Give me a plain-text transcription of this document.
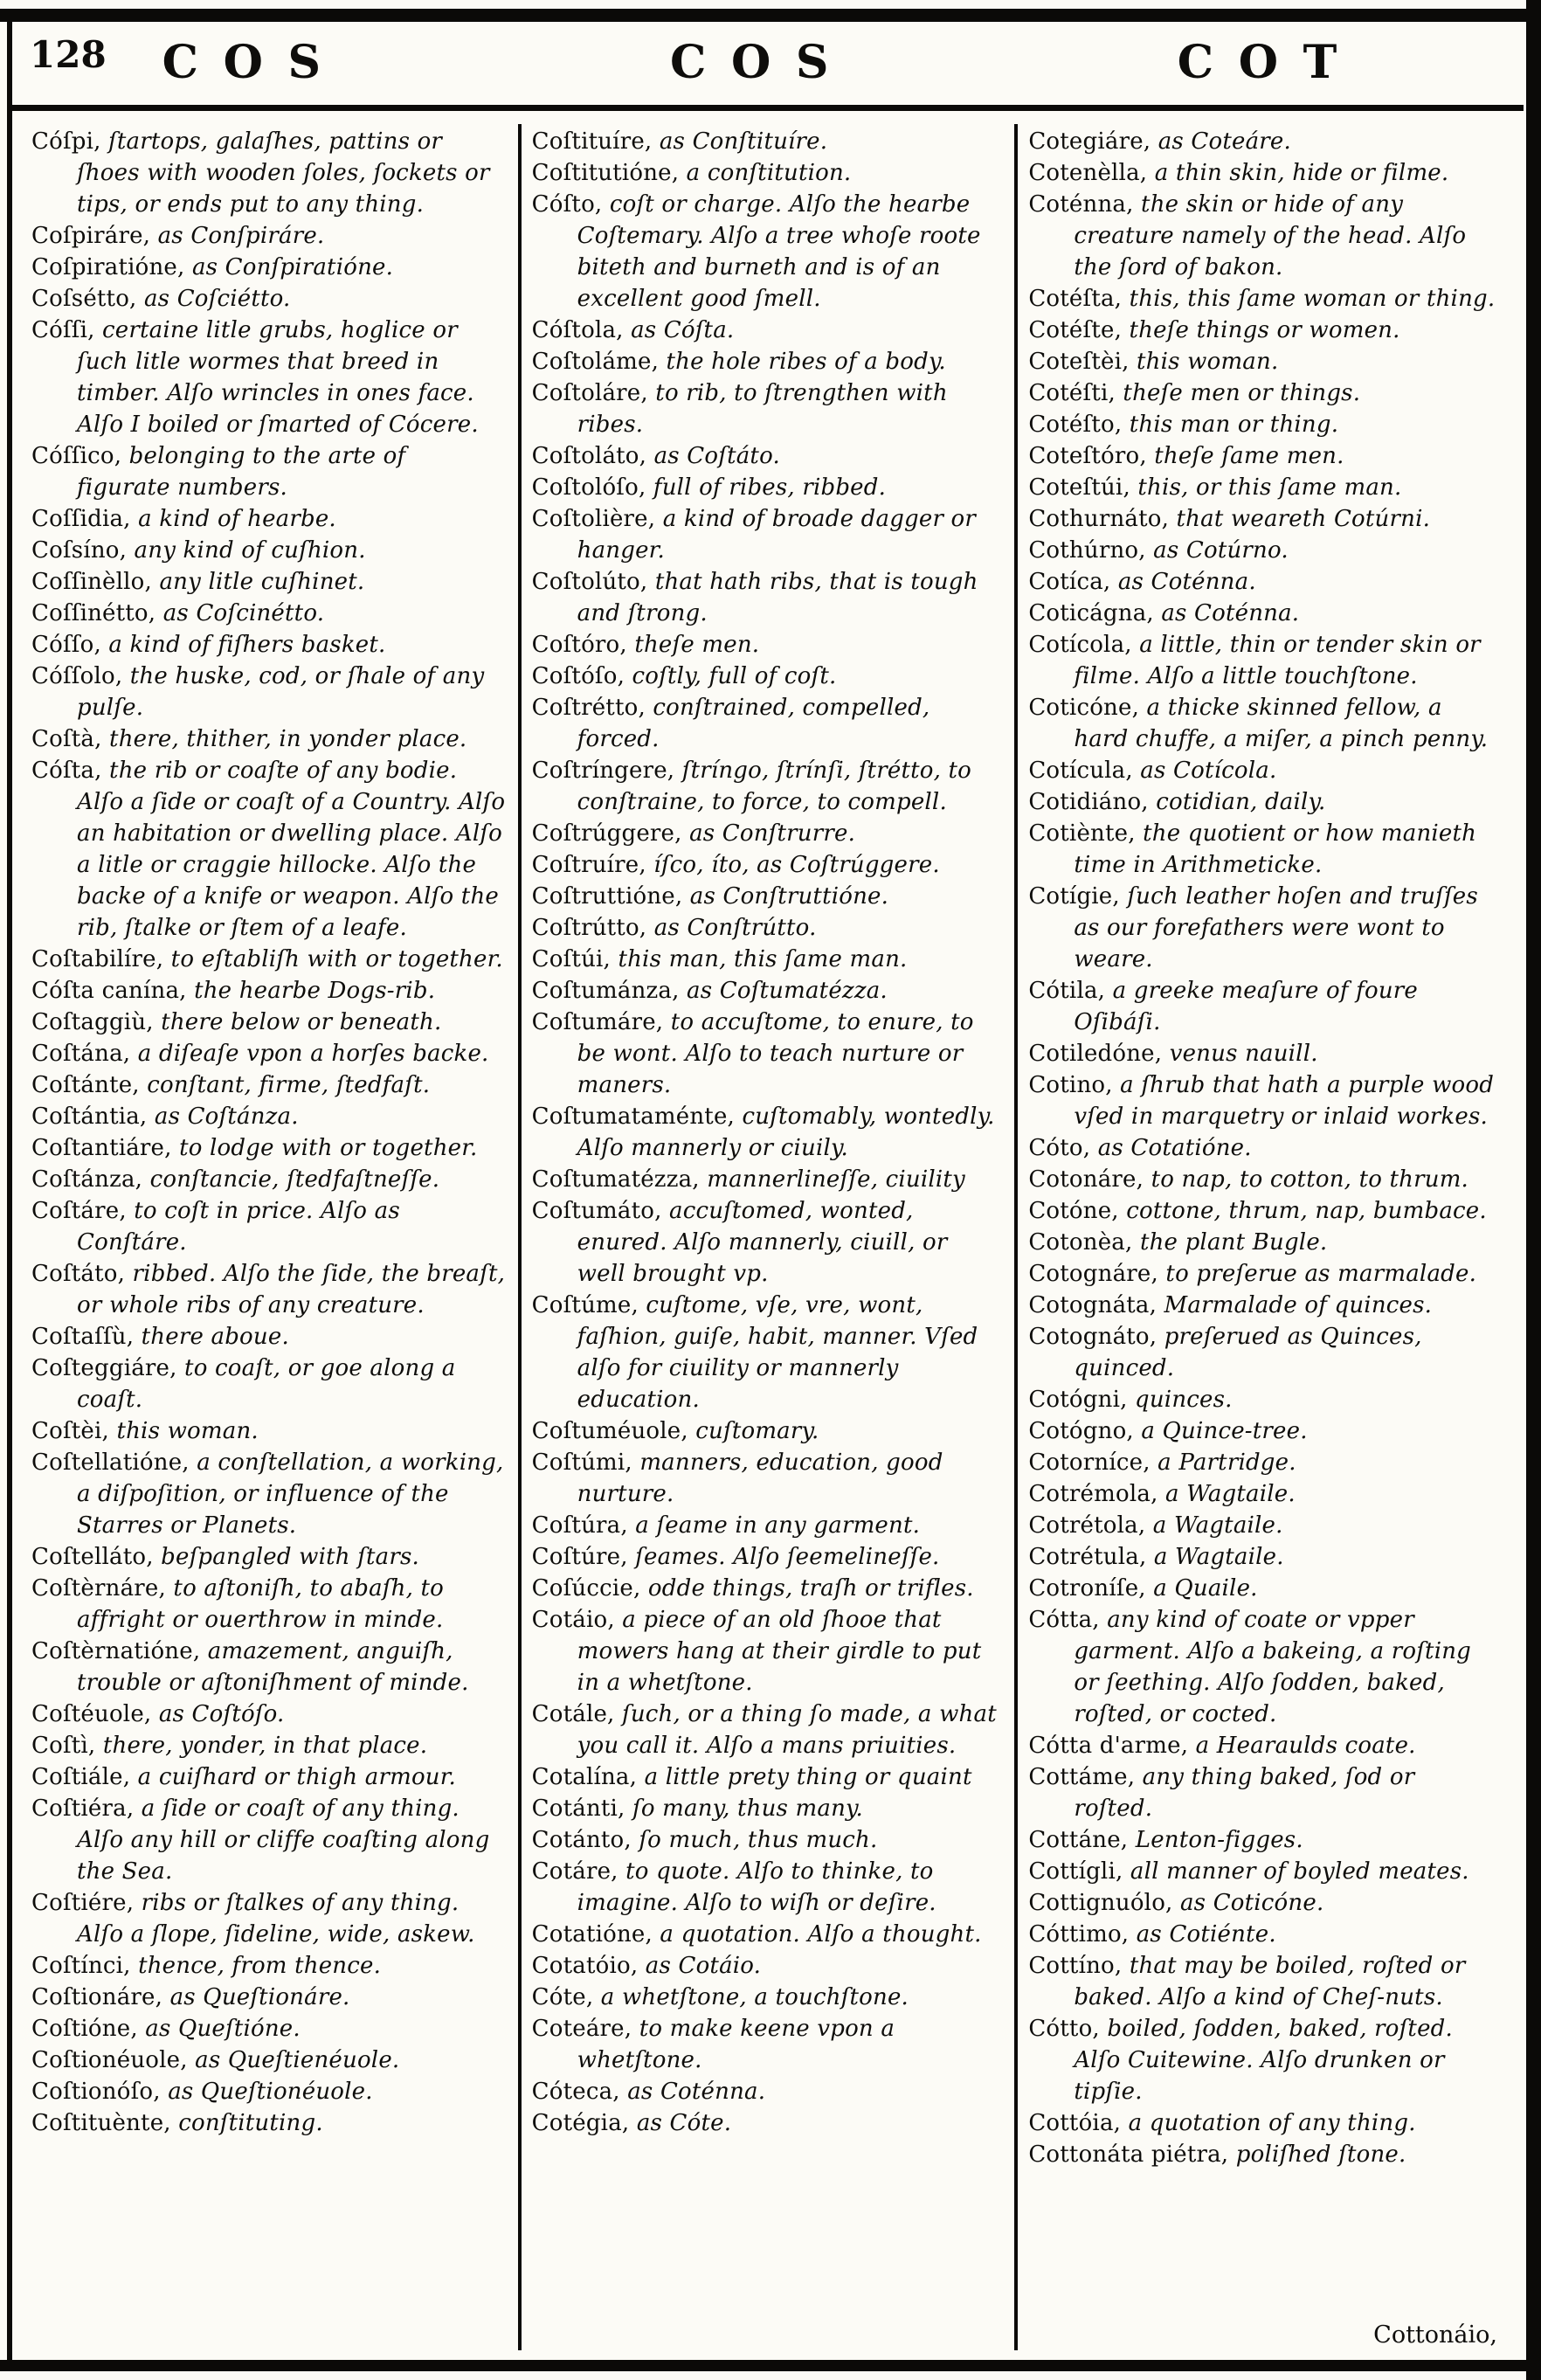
128	COS	COS	COT
Cóſpi, ſtartops, galaſhes, pattins or ſhoes with wooden ſoles, ſockets or tips, or ends put to any thing.
Coſpiráre, as Conſpiráre.
Coſpiratióne, as Conſpiratióne.
Coſsétto, as Coſciétto.
Cóſſi, certaine litle grubs, hoglice or ſuch litle wormes that breed in timber. Alſo wrincles in ones face. Alſo I boiled or ſmarted of Cócere.
Cóſſico, belonging to the arte of figurate numbers.
Coſſidia, a kind of hearbe.
Coſsíno, any kind of cuſhion.
Coſſinèllo, any litle cuſhinet.
Coſſinétto, as Coſcinétto.
Cóſſo, a kind of fiſhers basket.
Cóſſolo, the huske, cod, or ſhale of any pulſe.
Coſtà, there, thither, in yonder place.
Cóſta, the rib or coaſte of any bodie. Alſo a ſide or coaſt of a Country. Alſo an habitation or dwelling place. Alſo a litle or craggie hillocke. Alſo the backe of a knife or weapon. Alſo the rib, ſtalke or ſtem of a leafe.
Coſtabilíre, to eſtabliſh with or together.
Cóſta canína, the hearbe Dogs-rib.
Coſtaggiù, there below or beneath.
Coſtána, a diſeaſe vpon a horſes backe.
Coſtánte, conſtant, firme, ſtedfaſt.
Coſtántia, as Coſtánza.
Coſtantiáre, to lodge with or together.
Coſtánza, conſtancie, ſtedfaſtneſſe.
Coſtáre, to coſt in price. Alſo as Conſtáre.
Coſtáto, ribbed. Alſo the ſide, the breaſt, or whole ribs of any creature.
Coſtaſſù, there aboue.
Coſteggiáre, to coaſt, or goe along a coaſt.
Coſtèi, this woman.
Coſtellatióne, a conſtellation, a working, a diſpoſition, or influence of the Starres or Planets.
Coſtelláto, beſpangled with ſtars.
Coſtèrnáre, to aſtoniſh, to abaſh, to affright or ouerthrow in minde.
Coſtèrnatióne, amazement, anguiſh, trouble or aſtoniſhment of minde.
Coſtéuole, as Coſtóſo.
Coſtì, there, yonder, in that place.
Coſtiále, a cuiſhard or thigh armour.
Coſtiéra, a ſide or coaſt of any thing. Alſo any hill or cliffe coaſting along the Sea.
Coſtiére, ribs or ſtalkes of any thing. Alſo a ſlope, ſideline, wide, askew.
Coſtínci, thence, from thence.
Coſtionáre, as Queſtionáre.
Coſtióne, as Queſtióne.
Coſtionéuole, as Queſtienéuole.
Coſtionóſo, as Queſtionéuole.
Coſtituènte, conſtituting.
Coſtituíre, as Conſtituíre.
Coſtitutióne, a conſtitution.
Cóſto, coſt or charge. Alſo the hearbe Coſtemary. Alſo a tree whoſe roote biteth and burneth and is of an excellent good ſmell.
Cóſtola, as Cóſta.
Coſtoláme, the hole ribes of a body.
Coſtoláre, to rib, to ſtrengthen with ribes.
Coſtoláto, as Coſtáto.
Coſtolóſo, full of ribes, ribbed.
Coſtolière, a kind of broade dagger or hanger.
Coſtolúto, that hath ribs, that is tough and ſtrong.
Coſtóro, theſe men.
Coſtóſo, coſtly, full of coſt.
Coſtrétto, conſtrained, compelled, forced.
Coſtríngere, ſtríngo, ſtrínſi, ſtrétto, to conſtraine, to force, to compell.
Coſtrúggere, as Conſtrurre.
Coſtruíre, íſco, íto, as Coſtrúggere.
Coſtruttióne, as Conſtruttióne.
Coſtrútto, as Conſtrútto.
Coſtúi, this man, this ſame man.
Coſtumánza, as Coſtumatézza.
Coſtumáre, to accuſtome, to enure, to be wont. Alſo to teach nurture or maners.
Coſtumataménte, cuſtomably, wontedly. Alſo mannerly or ciuily.
Coſtumatézza, mannerlineſſe, ciuility
Coſtumáto, accuſtomed, wonted, enured. Alſo mannerly, ciuill, or well brought vp.
Coſtúme, cuſtome, vſe, vre, wont, faſhion, guiſe, habit, manner. Vſed alſo for ciuility or mannerly education.
Coſtuméuole, cuſtomary.
Coſtúmi, manners, education, good nurture.
Coſtúra, a ſeame in any garment.
Coſtúre, ſeames. Alſo ſeemelineſſe.
Coſúccie, odde things, traſh or trifles.
Cotáio, a piece of an old ſhooe that mowers hang at their girdle to put in a whetſtone.
Cotále, ſuch, or a thing ſo made, a what you call it. Alſo a mans priuities.
Cotalína, a little prety thing or quaint
Cotánti, ſo many, thus many.
Cotánto, ſo much, thus much.
Cotáre, to quote. Alſo to thinke, to imagine. Alſo to wiſh or deſire.
Cotatióne, a quotation. Alſo a thought.
Cotatóio, as Cotáio.
Cóte, a whetſtone, a touchſtone.
Coteáre, to make keene vpon a whetſtone.
Cóteca, as Coténna.
Cotégia, as Cóte.
Cotegiáre, as Coteáre.
Cotenèlla, a thin skin, hide or filme.
Coténna, the skin or hide of any creature namely of the head. Alſo the ſord of bakon.
Cotéſta, this, this ſame woman or thing.
Cotéſte, theſe things or women.
Coteſtèi, this woman.
Cotéſti, theſe men or things.
Cotéſto, this man or thing.
Coteſtóro, theſe ſame men.
Coteſtúi, this, or this ſame man.
Cothurnáto, that weareth Cotúrni.
Cothúrno, as Cotúrno.
Cotíca, as Coténna.
Coticágna, as Coténna.
Cotícola, a little, thin or tender skin or filme. Alſo a little touchſtone.
Coticóne, a thicke skinned fellow, a hard chuffe, a miſer, a pinch penny.
Cotícula, as Cotícola.
Cotidiáno, cotidian, daily.
Cotiènte, the quotient or how manieth time in Arithmeticke.
Cotígie, ſuch leather hoſen and truſſes as our forefathers were wont to weare.
Cótila, a greeke meaſure of foure Oſibáſi.
Cotiledóne, venus nauill.
Cotino, a ſhrub that hath a purple wood vſed in marquetry or inlaid workes.
Cóto, as Cotatióne.
Cotonáre, to nap, to cotton, to thrum.
Cotóne, cottone, thrum, nap, bumbace.
Cotonèa, the plant Bugle.
Cotognáre, to preſerue as marmalade.
Cotognáta, Marmalade of quinces.
Cotognáto, preſerued as Quinces, quinced.
Cotógni, quinces.
Cotógno, a Quince-tree.
Cotorníce, a Partridge.
Cotrémola, a Wagtaile.
Cotrétola, a Wagtaile.
Cotrétula, a Wagtaile.
Cotroníſe, a Quaile.
Cótta, any kind of coate or vpper garment. Alſo a bakeing, a roſting or ſeething. Alſo ſodden, baked, roſted, or cocted.
Cótta d'arme, a Hearaulds coate.
Cottáme, any thing baked, ſod or roſted.
Cottáne, Lenton-figges.
Cottígli, all manner of boyled meates.
Cottignuólo, as Coticóne.
Cóttimo, as Cotiénte.
Cottíno, that may be boiled, roſted or baked. Alſo a kind of Cheſ-nuts.
Cótto, boiled, ſodden, baked, roſted. Alſo Cuitewine. Alſo drunken or tipſie.
Cottóia, a quotation of any thing.
Cottonáta piétra, poliſhed ſtone.
Cottonáio,
